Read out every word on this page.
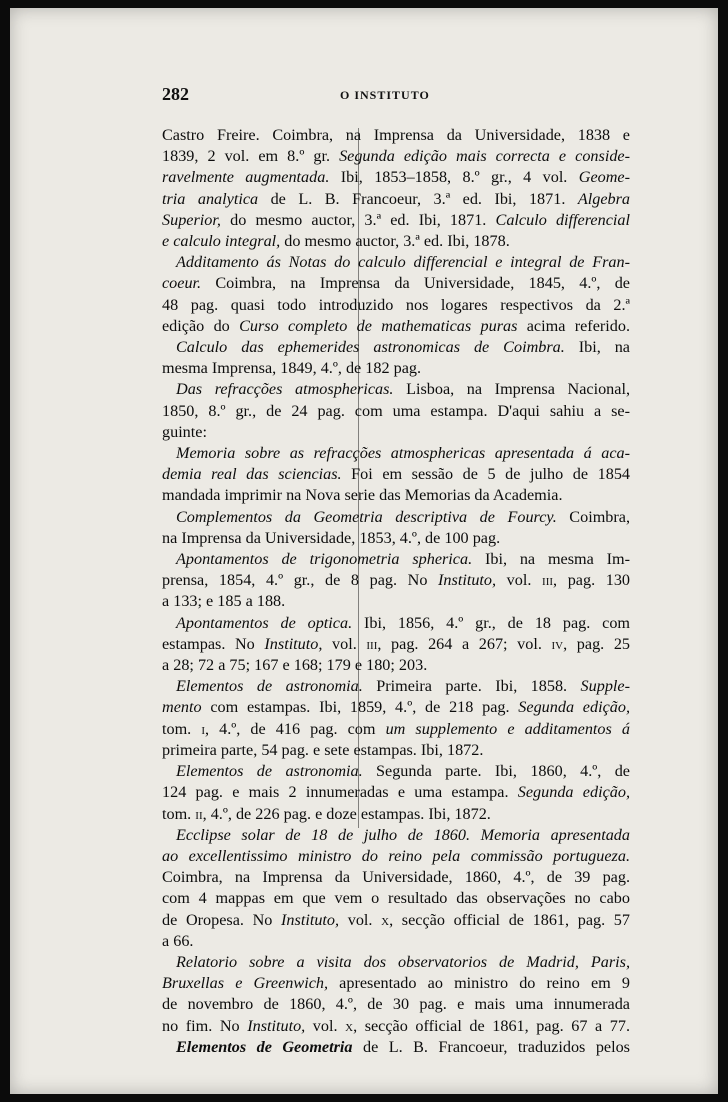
282	O INSTITUTO
Castro Freire. Coimbra, na Imprensa da Universidade, 1838 e
1839, 2 vol. em 8.º gr. Segunda edição mais correcta e conside-
ravelmente augmentada. Ibi, 1853–1858, 8.º gr., 4 vol. Geome-
tria analytica de L. B. Francoeur, 3.ª ed. Ibi, 1871. Algebra
Superior, do mesmo auctor, 3.ª ed. Ibi, 1871. Calculo differencial
e calculo integral, do mesmo auctor, 3.ª ed. Ibi, 1878.
Additamento ás Notas do calculo differencial e integral de Fran-
coeur. Coimbra, na Imprensa da Universidade, 1845, 4.º, de
48 pag. quasi todo introduzido nos logares respectivos da 2.ª
edição do Curso completo de mathematicas puras acima referido.
Calculo das ephemerides astronomicas de Coimbra. Ibi, na
mesma Imprensa, 1849, 4.º, de 182 pag.
Das refracções atmosphericas. Lisboa, na Imprensa Nacional,
1850, 8.º gr., de 24 pag. com uma estampa. D'aqui sahiu a se-
guinte:
Memoria sobre as refracções atmosphericas apresentada á aca-
demia real das sciencias. Foi em sessão de 5 de julho de 1854
mandada imprimir na Nova serie das Memorias da Academia.
Complementos da Geometria descriptiva de Fourcy. Coimbra,
na Imprensa da Universidade, 1853, 4.º, de 100 pag.
Apontamentos de trigonometria spherica. Ibi, na mesma Im-
prensa, 1854, 4.º gr., de 8 pag. No Instituto, vol. iii, pag. 130
a 133; e 185 a 188.
Apontamentos de optica. Ibi, 1856, 4.º gr., de 18 pag. com
estampas. No Instituto, vol. iii, pag. 264 a 267; vol. iv, pag. 25
a 28; 72 a 75; 167 e 168; 179 e 180; 203.
Elementos de astronomia. Primeira parte. Ibi, 1858. Supple-
mento com estampas. Ibi, 1859, 4.º, de 218 pag. Segunda edição,
tom. i, 4.º, de 416 pag. com um supplemento e additamentos á
primeira parte, 54 pag. e sete estampas. Ibi, 1872.
Elementos de astronomia. Segunda parte. Ibi, 1860, 4.º, de
124 pag. e mais 2 innumeradas e uma estampa. Segunda edição,
tom. ii, 4.º, de 226 pag. e doze estampas. Ibi, 1872.
Ecclipse solar de 18 de julho de 1860. Memoria apresentada
ao excellentissimo ministro do reino pela commissão portugueza.
Coimbra, na Imprensa da Universidade, 1860, 4.º, de 39 pag.
com 4 mappas em que vem o resultado das observações no cabo
de Oropesa. No Instituto, vol. x, secção official de 1861, pag. 57
a 66.
Relatorio sobre a visita dos observatorios de Madrid, Paris,
Bruxellas e Greenwich, apresentado ao ministro do reino em 9
de novembro de 1860, 4.º, de 30 pag. e mais uma innumerada
no fim. No Instituto, vol. x, secção official de 1861, pag. 67 a 77.
Elementos de Geometria de L. B. Francoeur, traduzidos pelos
